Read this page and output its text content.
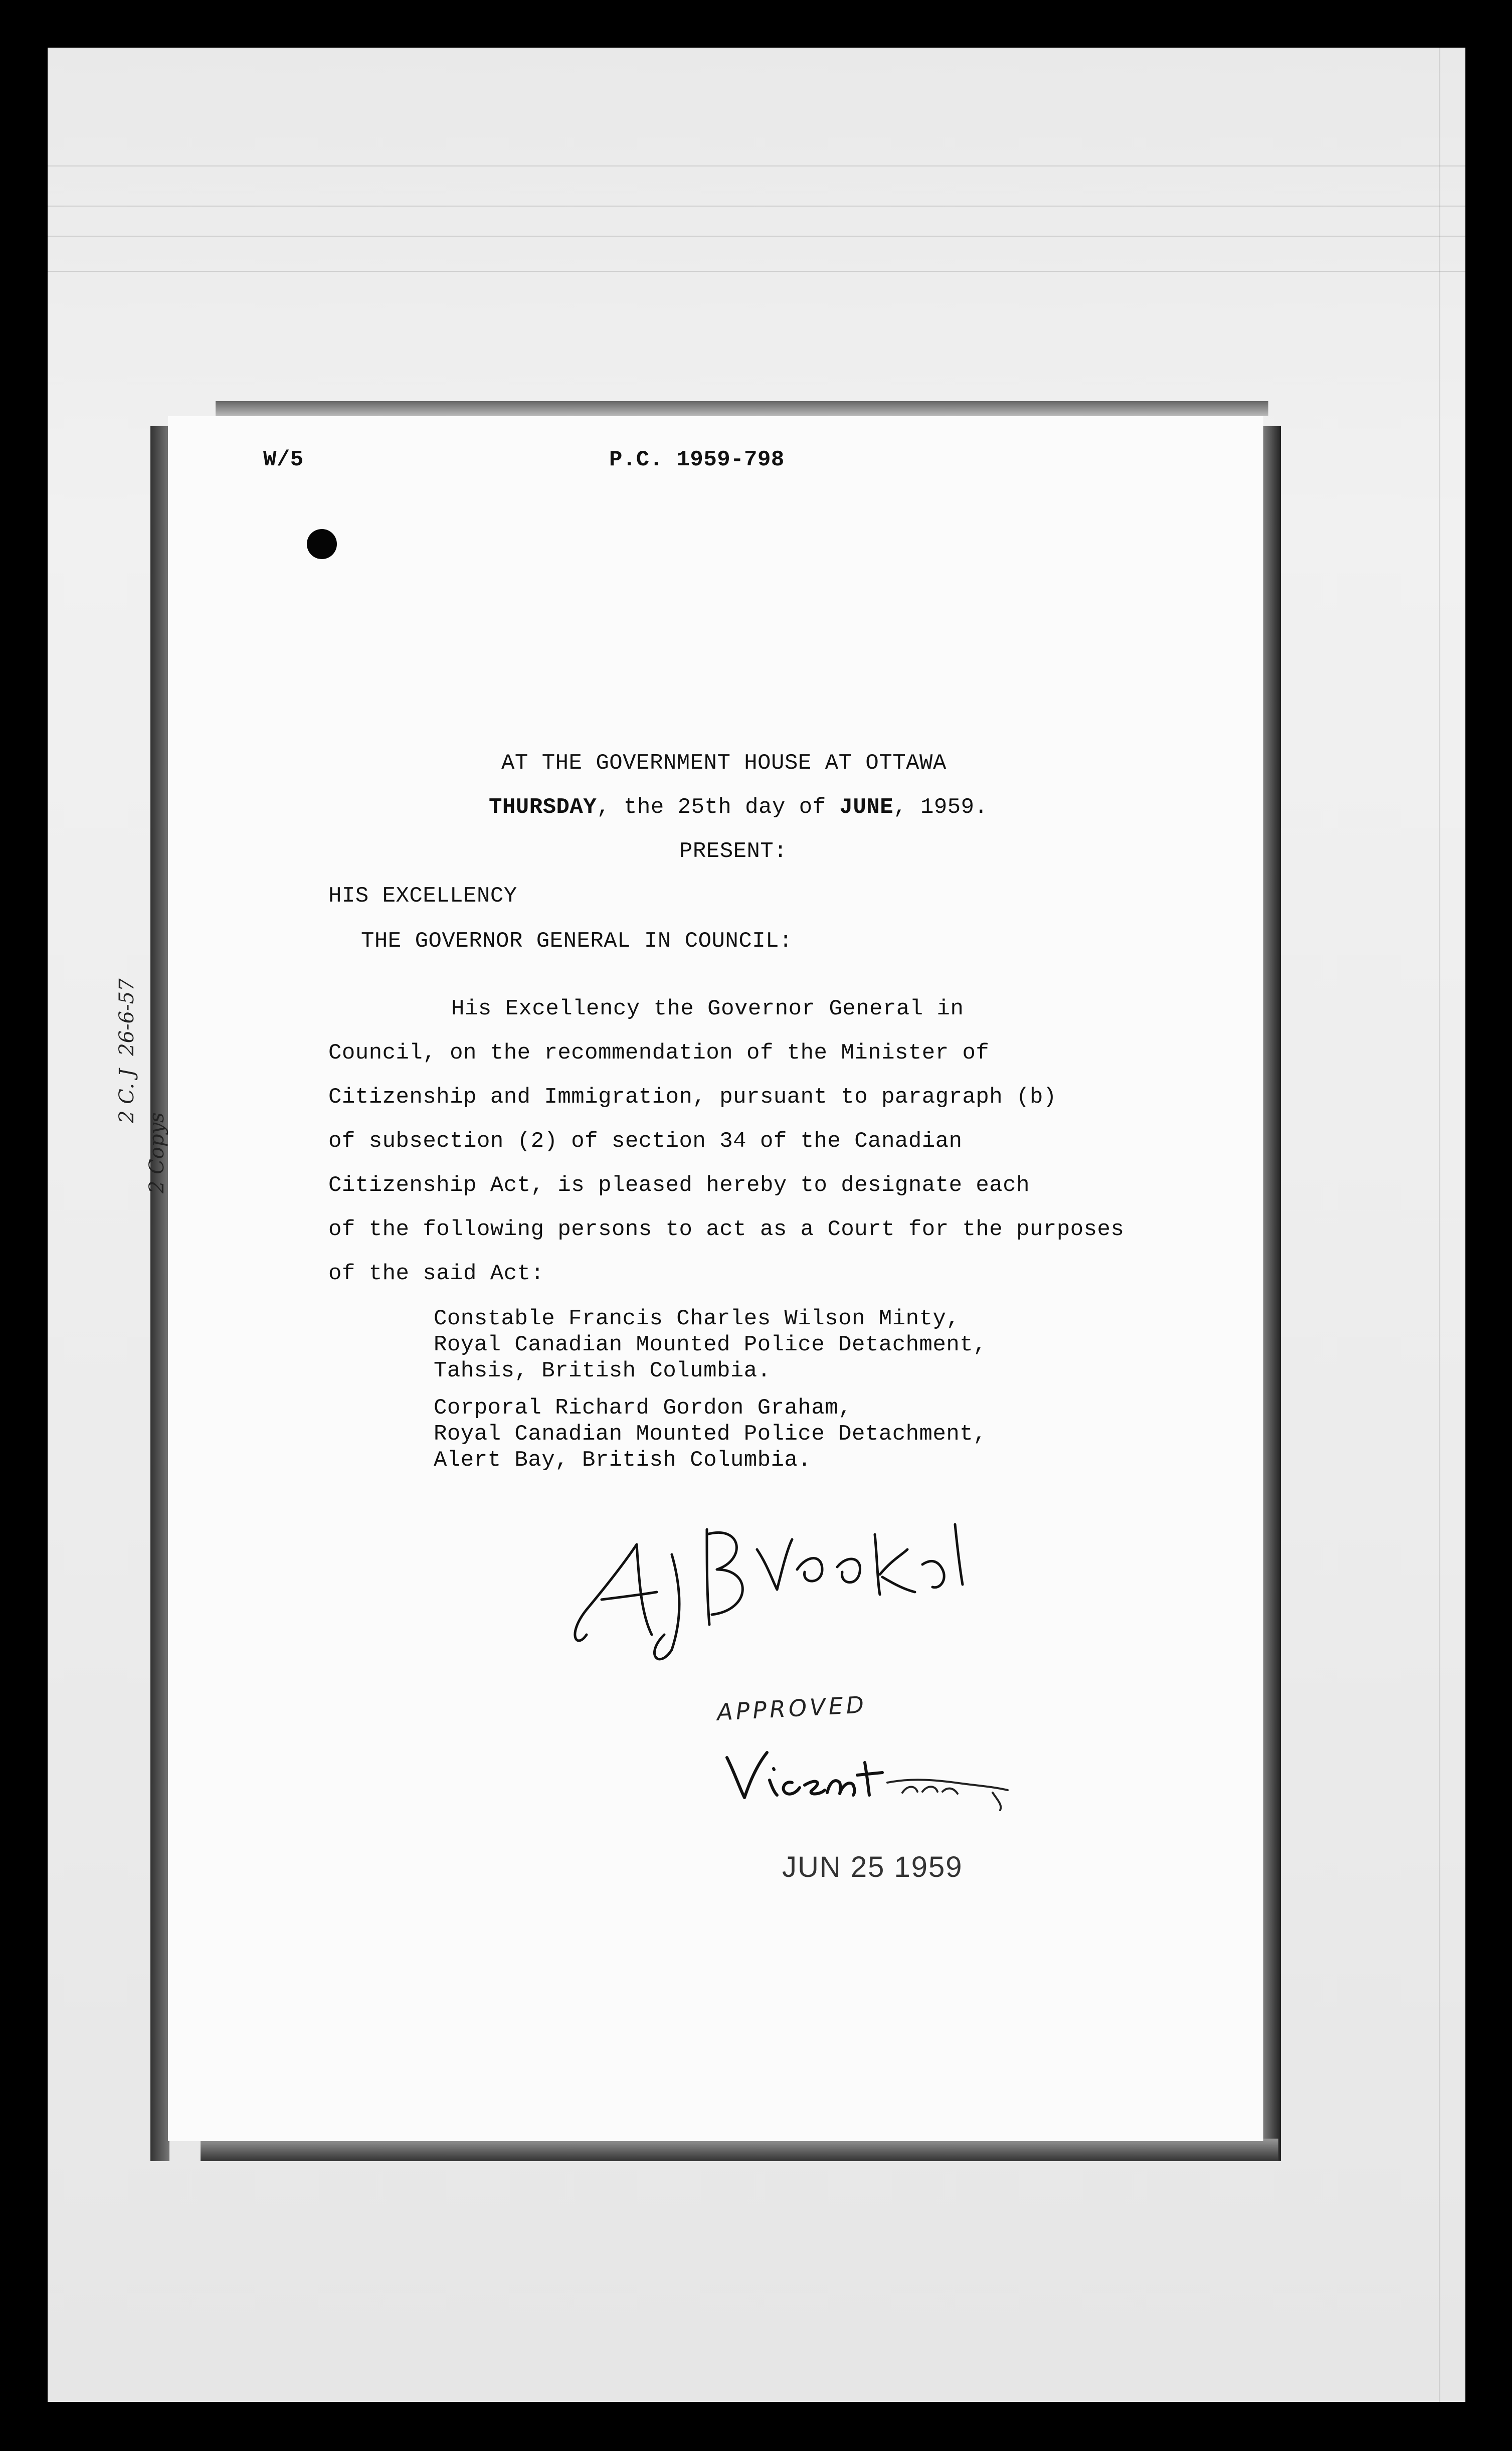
W/5	P.C. 1959-798
AT THE GOVERNMENT HOUSE AT OTTAWA
THURSDAY, the 25th day of JUNE, 1959.
PRESENT:
HIS EXCELLENCY
THE GOVERNOR GENERAL IN COUNCIL:
His Excellency the Governor General in
Council, on the recommendation of the Minister of
Citizenship and Immigration, pursuant to paragraph (b)
of subsection (2) of section 34 of the Canadian
Citizenship Act, is pleased hereby to designate each
of the following persons to act as a Court for the purposes
of the said Act:
Constable Francis Charles Wilson Minty,
Royal Canadian Mounted Police Detachment,
Tahsis, British Columbia.
Corporal Richard Gordon Graham,
Royal Canadian Mounted Police Detachment,
Alert Bay, British Columbia.
2 C. J  26-6-57
2 Copys
APPROVED
JUN 25 1959
